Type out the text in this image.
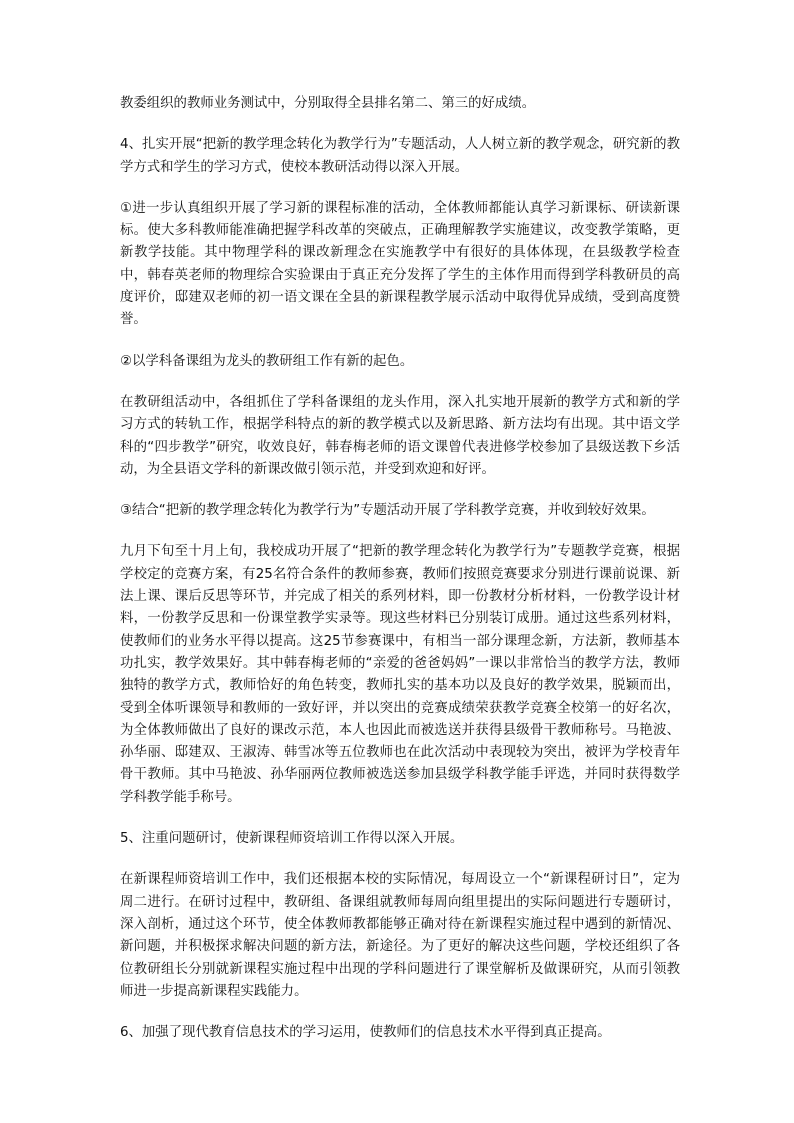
教委组织的教师业务测试中，分别取得全县排名第二、第三的好成绩。

4、扎实开展“把新的教学理念转化为教学行为”专题活动，人人树立新的教学观念，研究新的教学方式和学生的学习方式，使校本教研活动得以深入开展。

①进一步认真组织开展了学习新的课程标准的活动，全体教师都能认真学习新课标、研读新课标。使大多科教师能准确把握学科改革的突破点，正确理解教学实施建议，改变教学策略，更新教学技能。其中物理学科的课改新理念在实施教学中有很好的具体体现，在县级教学检查中，韩春英老师的物理综合实验课由于真正充分发挥了学生的主体作用而得到学科教研员的高度评价，邸建双老师的初一语文课在全县的新课程教学展示活动中取得优异成绩，受到高度赞誉。

②以学科备课组为龙头的教研组工作有新的起色。

在教研组活动中，各组抓住了学科备课组的龙头作用，深入扎实地开展新的教学方式和新的学习方式的转轨工作，根据学科特点的新的教学模式以及新思路、新方法均有出现。其中语文学科的“四步教学”研究，收效良好，韩春梅老师的语文课曾代表进修学校参加了县级送教下乡活动，为全县语文学科的新课改做引领示范，并受到欢迎和好评。

③结合“把新的教学理念转化为教学行为”专题活动开展了学科教学竞赛，并收到较好效果。

九月下旬至十月上旬，我校成功开展了“把新的教学理念转化为教学行为”专题教学竞赛，根据学校定的竞赛方案，有25名符合条件的教师参赛，教师们按照竞赛要求分别进行课前说课、新法上课、课后反思等环节，并完成了相关的系列材料，即一份教材分析材料，一份教学设计材料，一份教学反思和一份课堂教学实录等。现这些材料已分别装订成册。通过这些系列材料，使教师们的业务水平得以提高。这25节参赛课中，有相当一部分课理念新，方法新，教师基本功扎实，教学效果好。其中韩春梅老师的“亲爱的爸爸妈妈”一课以非常恰当的教学方法，教师独特的教学方式，教师恰好的角色转变，教师扎实的基本功以及良好的教学效果，脱颖而出，受到全体听课领导和教师的一致好评，并以突出的竞赛成绩荣获教学竞赛全校第一的好名次，为全体教师做出了良好的课改示范，本人也因此而被选送并获得县级骨干教师称号。马艳波、孙华丽、邸建双、王淑涛、韩雪冰等五位教师也在此次活动中表现较为突出，被评为学校青年骨干教师。其中马艳波、孙华丽两位教师被选送参加县级学科教学能手评选，并同时获得数学学科教学能手称号。

5、注重问题研讨，使新课程师资培训工作得以深入开展。

在新课程师资培训工作中，我们还根据本校的实际情况，每周设立一个“新课程研讨日”，定为周二进行。在研讨过程中，教研组、备课组就教师每周向组里提出的实际问题进行专题研讨，深入剖析，通过这个环节，使全体教师教都能够正确对待在新课程实施过程中遇到的新情况、新问题，并积极探求解决问题的新方法，新途径。为了更好的解决这些问题，学校还组织了各位教研组长分别就新课程实施过程中出现的学科问题进行了课堂解析及做课研究，从而引领教师进一步提高新课程实践能力。

6、加强了现代教育信息技术的学习运用，使教师们的信息技术水平得到真正提高。
